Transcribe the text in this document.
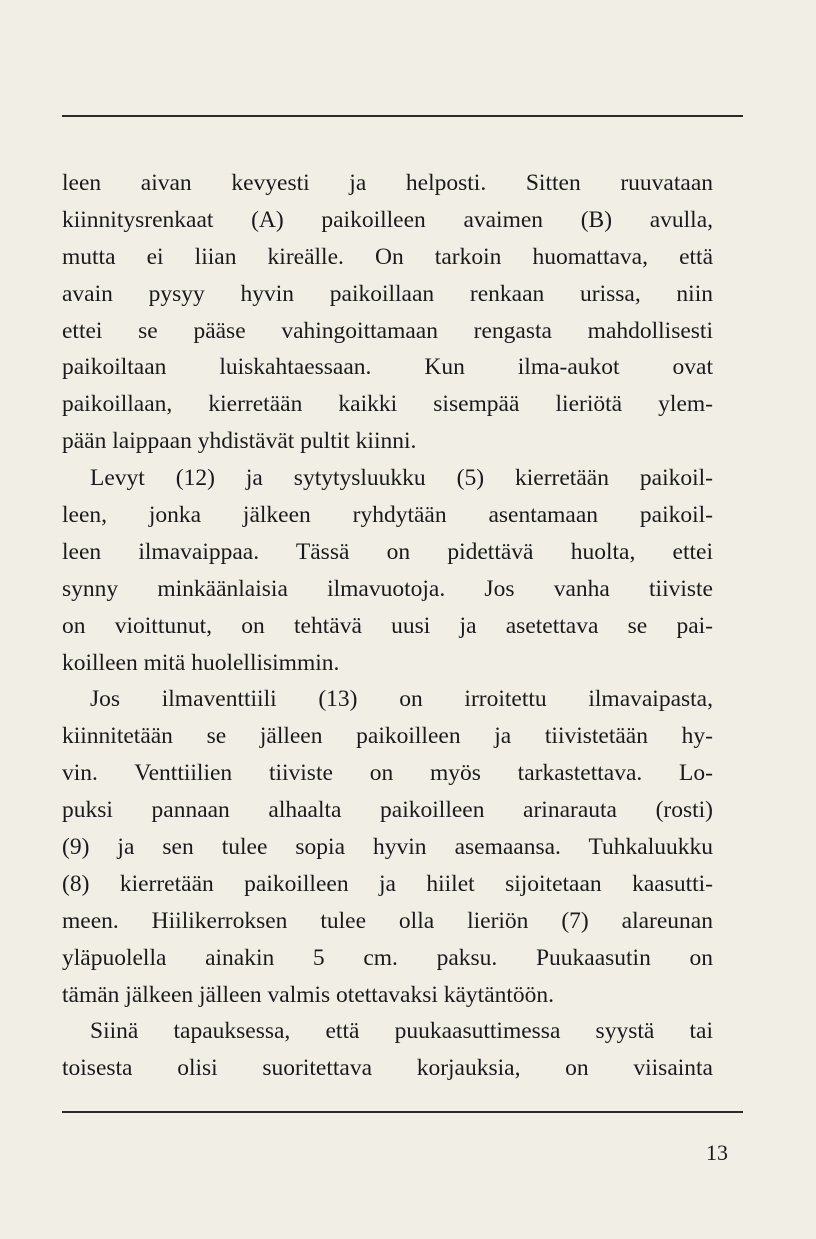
leen aivan kevyesti ja helposti. Sitten ruuvataan
kiinnitysrenkaat (A) paikoilleen avaimen (B) avulla,
mutta ei liian kireälle. On tarkoin huomattava, että
avain pysyy hyvin paikoillaan renkaan urissa, niin
ettei se pääse vahingoittamaan rengasta mahdollisesti
paikoiltaan luiskahtaessaan. Kun ilma-aukot ovat
paikoillaan, kierretään kaikki sisempää lieriötä ylem-
pään laippaan yhdistävät pultit kiinni.
Levyt (12) ja sytytysluukku (5) kierretään paikoil-
leen, jonka jälkeen ryhdytään asentamaan paikoil-
leen ilmavaippaa. Tässä on pidettävä huolta, ettei
synny minkäänlaisia ilmavuotoja. Jos vanha tiiviste
on vioittunut, on tehtävä uusi ja asetettava se pai-
koilleen mitä huolellisimmin.
Jos ilmaventtiili (13) on irroitettu ilmavaipasta,
kiinnitetään se jälleen paikoilleen ja tiivistetään hy-
vin. Venttiilien tiiviste on myös tarkastettava. Lo-
puksi pannaan alhaalta paikoilleen arinarauta (rosti)
(9) ja sen tulee sopia hyvin asemaansa. Tuhkaluukku
(8) kierretään paikoilleen ja hiilet sijoitetaan kaasutti-
meen. Hiilikerroksen tulee olla lieriön (7) alareunan
yläpuolella ainakin 5 cm. paksu. Puukaasutin on
tämän jälkeen jälleen valmis otettavaksi käytäntöön.
Siinä tapauksessa, että puukaasuttimessa syystä tai
toisesta olisi suoritettava korjauksia, on viisainta
13
